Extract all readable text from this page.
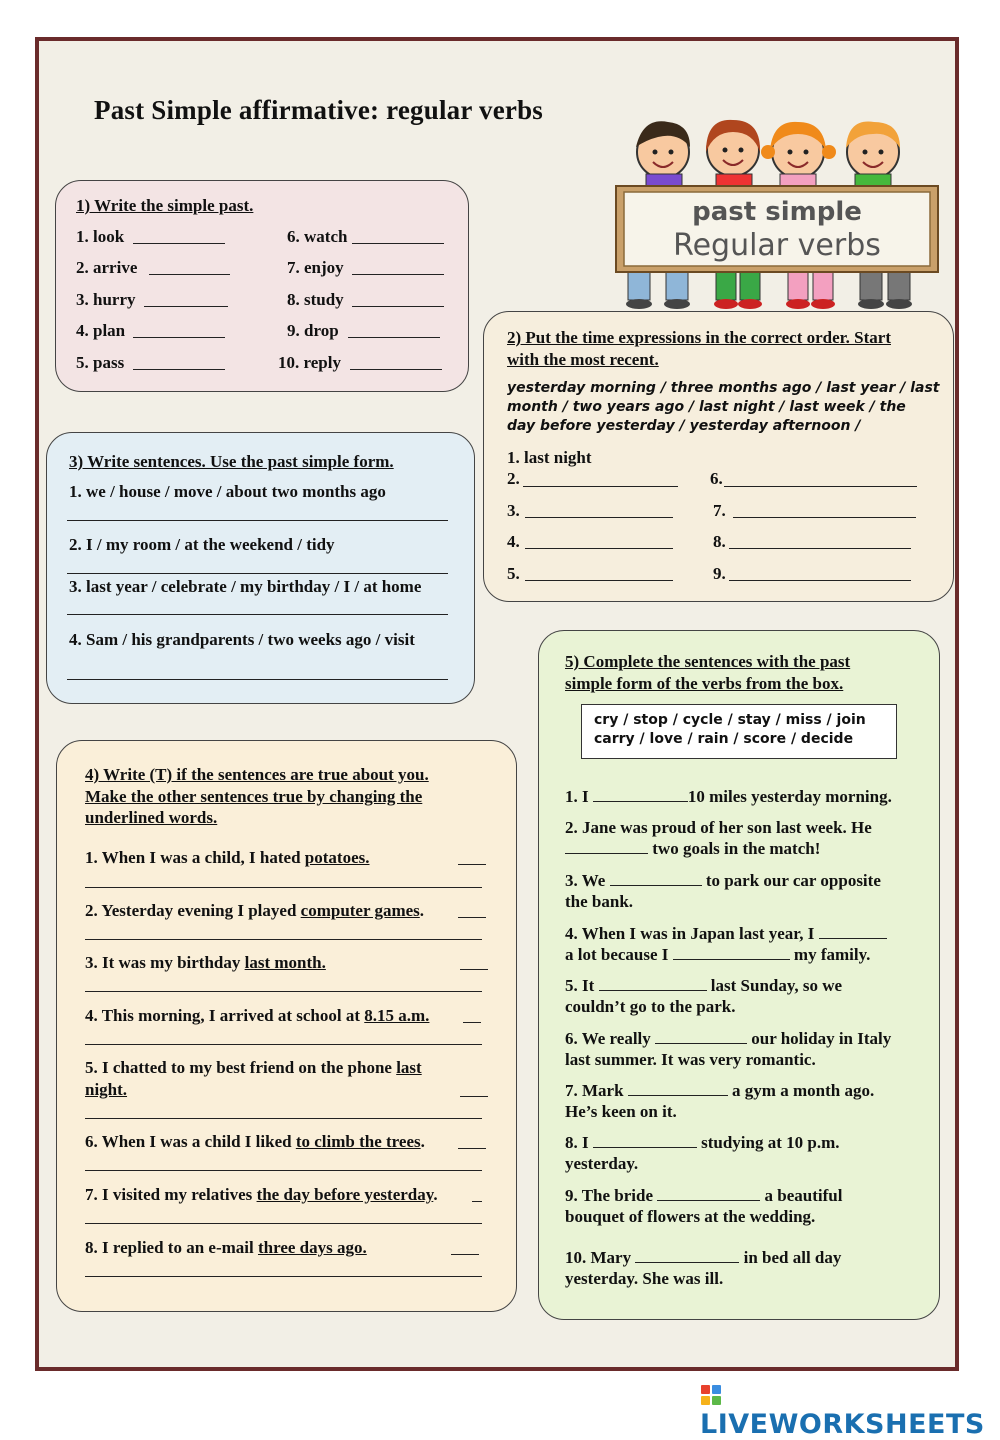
Past Simple affirmative: regular verbs
past simple
Regular verbs
1) Write the simple past.
1. look
2. arrive
3. hurry
4. plan
5. pass
6. watch
7. enjoy
8. study
9. drop
10. reply
2) Put the time expressions in the correct order. Start
with the most recent.
yesterday morning / three months ago / last year / last
month / two years ago / last night / last week / the
day before yesterday / yesterday afternoon /
1. last night
2.
3.
4.
5.
6.
7.
8.
9.
3) Write sentences. Use the past simple form.
1. we / house / move / about two months ago
2. I / my room / at the weekend / tidy
3. last year / celebrate / my birthday / I / at home
4. Sam / his grandparents / two weeks ago / visit
4) Write (T) if the sentences are true about you.
Make the other sentences true by changing the
underlined words.
1. When I was a child, I hated potatoes.
2. Yesterday evening I played computer games.
3. It was my birthday last month.
4. This morning, I arrived at school at 8.15 a.m.
5. I chatted to my best friend on the phone last
night.
6. When I was a child I liked to climb the trees.
7. I visited my relatives the day before yesterday.
8. I replied to an e-mail three days ago.
5) Complete the sentences with the past
simple form of the verbs from the box.
cry / stop / cycle / stay / miss / join
carry / love / rain / score / decide
1. I	10 miles yesterday morning.
2. Jane was proud of her son last week. He
two goals in the match!
3. We	to park our car opposite
the bank.
4. When I was in Japan last year, I
a lot because I	my family.
5. It	last Sunday, so we
couldn’t go to the park.
6. We really	our holiday in Italy
last summer. It was very romantic.
7. Mark	a gym a month ago.
He’s keen on it.
8. I	studying at 10 p.m.
yesterday.
9. The bride	a beautiful
bouquet of flowers at the wedding.
10. Mary	in bed all day
yesterday. She was ill.
LIVEWORKSHEETS
